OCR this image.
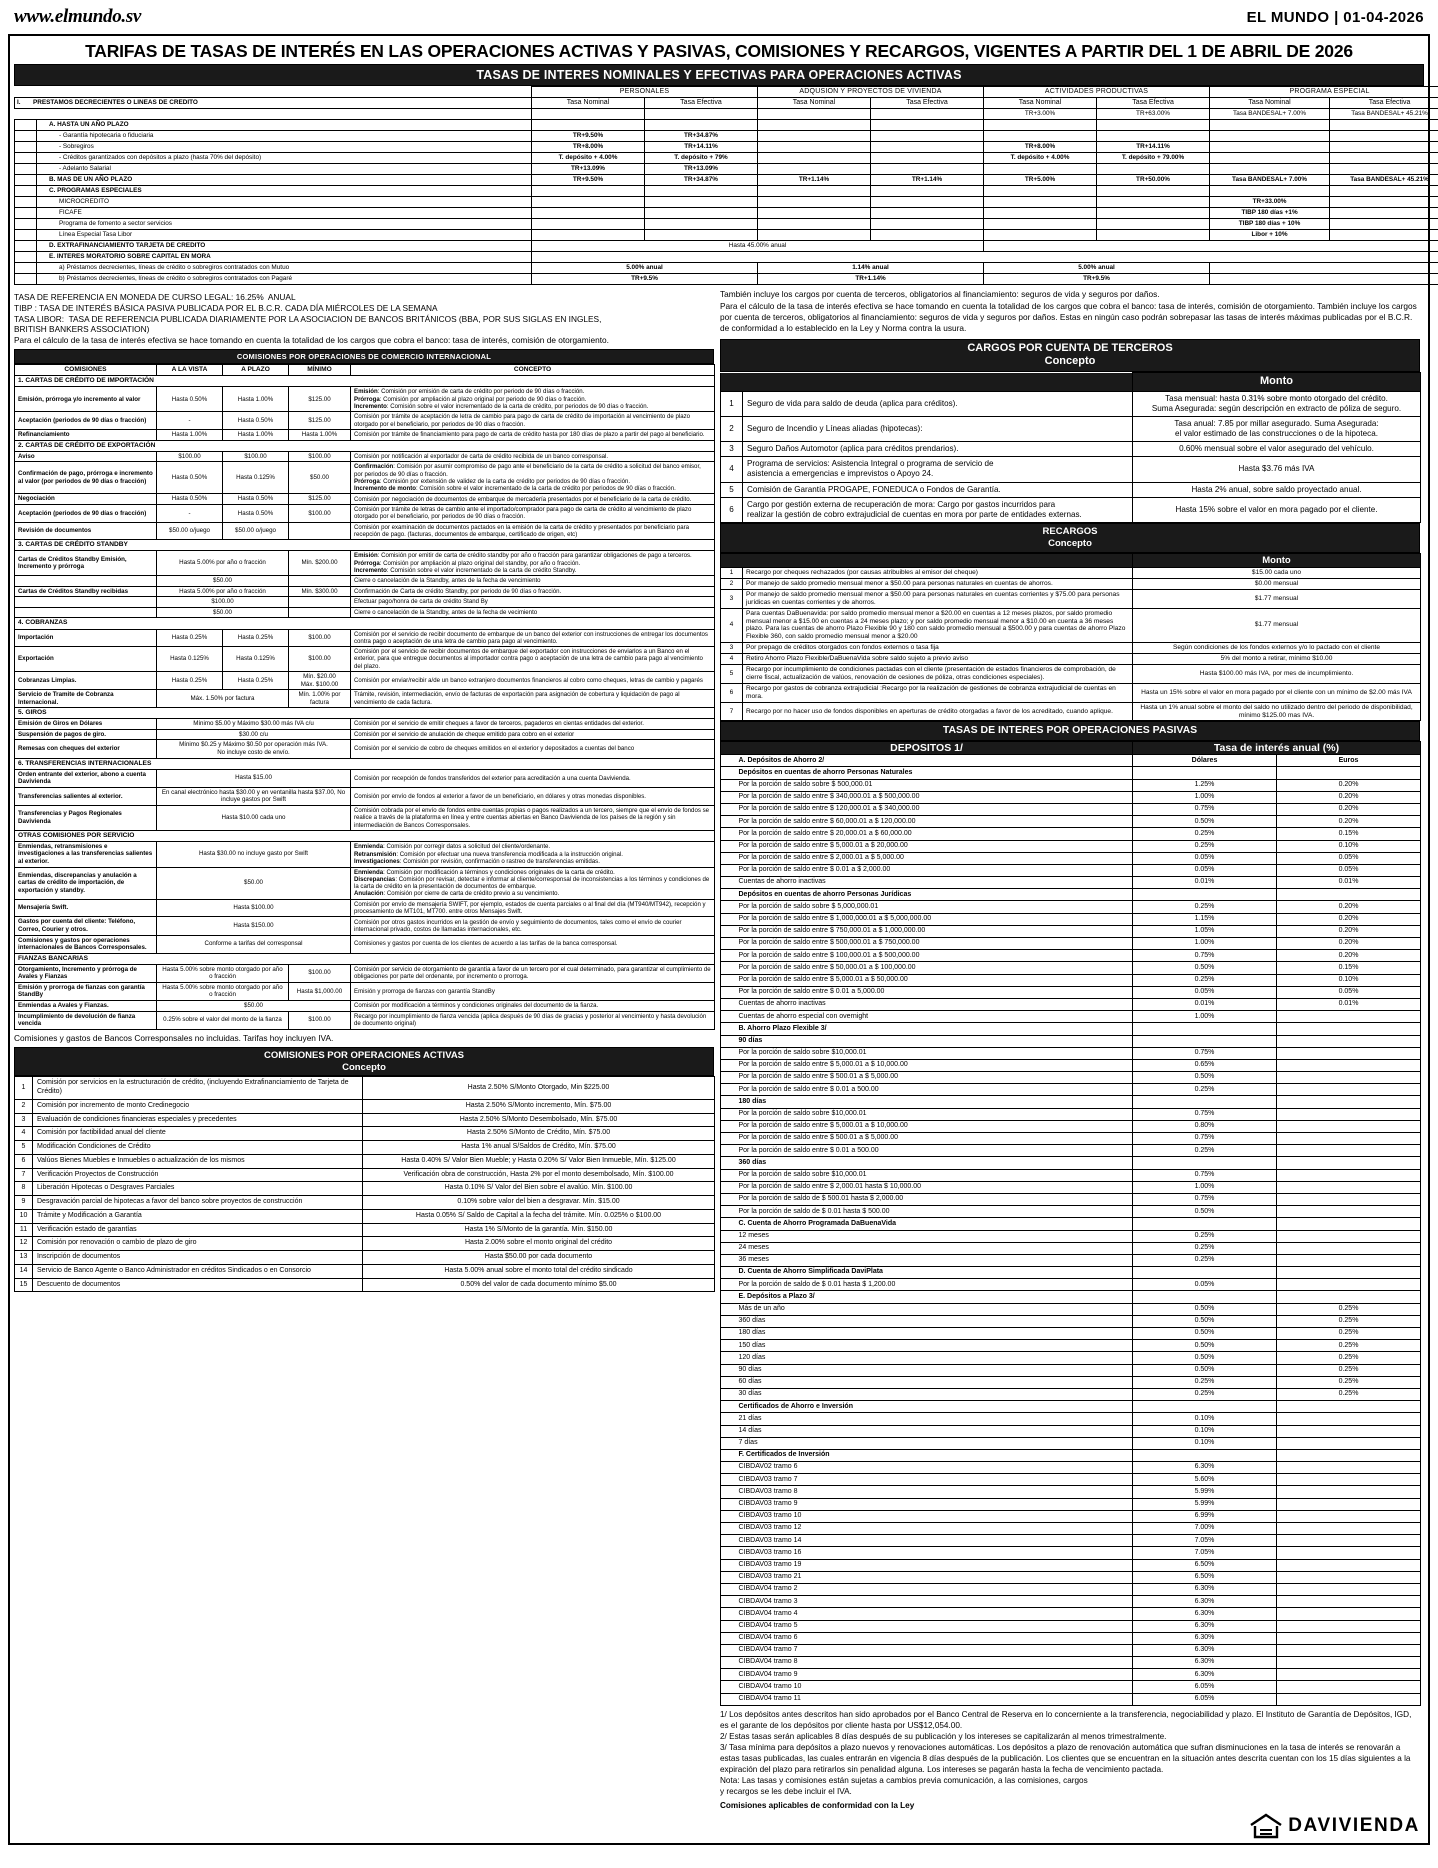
www.elmundo.sv	EL MUNDO | 01-04-2026
TARIFAS DE TASAS DE INTERÉS EN LAS OPERACIONES ACTIVAS Y PASIVAS, COMISIONES Y RECARGOS, VIGENTES A PARTIR DEL 1 DE ABRIL DE 2026
TASAS DE INTERES NOMINALES Y EFECTIVAS PARA OPERACIONES ACTIVAS
		PERSONALES		ADQUSION Y PROYECTOS DE VIVIENDA		ACTIVIDADES PRODUCTIVAS		PROGRAMA ESPECIAL	
I. PRESTAMOS DECRECIENTES O LINEAS DE CREDITO		Tasa Nominal	Tasa Efectiva	Tasa Nominal	Tasa Efectiva	Tasa Nominal	Tasa Efectiva	Tasa Nominal	Tasa Efectiva
						TR+3.00%	TR+63.00%	Tasa BANDESAL+ 7.00%	Tasa BANDESAL+ 45.21%
	A. HASTA UN AÑO PLAZO								
	- Garantía hipotecaria o fiduciaria	TR+9.50%	TR+34.87%						
	- Sobregiros	TR+8.00%	TR+14.11%			TR+8.00%	TR+14.11%		
	- Créditos garantizados con depósitos a plazo (hasta 70% del depósito)	T. depósito + 4.00%	T. depósito + 79%			T. depósito + 4.00%	T. depósito + 79.00%		
	- Adelanto Salarial	TR+13.09%	TR+13.09%						
	B. MAS DE UN AÑO PLAZO	TR+9.50%	TR+34.87%	TR+1.14%	TR+1.14%	TR+5.00%	TR+50.00%	Tasa BANDESAL+ 7.00%	Tasa BANDESAL+ 45.21%
	C. PROGRAMAS ESPECIALES								
	MICROCREDITO							TR+33.00%	
	FICAFE							TIBP 180 días +1%	
	Programa de fomento a sector servicios							TIBP 180 días + 10%	
	Línea Especial Tasa Libor							Libor + 10%	
	D. EXTRAFINANCIAMIENTO TARJETA DE CREDITO	Hasta 45.00% anual							
	E. INTERES MORATORIO SOBRE CAPITAL EN MORA								
	a) Préstamos decrecientes, líneas de crédito o sobregiros contratados con Mutuo	5.00% anual		1.14% anual		5.00% anual			
	b) Préstamos decrecientes, líneas de crédito o sobregiros contratados con Pagaré	TR+9.5%		TR+1.14%		TR+9.5%			
TASA DE REFERENCIA EN MONEDA DE CURSO LEGAL: 16.25%  ANUAL
TIBP : TASA DE INTERÉS BÁSICA PASIVA PUBLICADA POR EL B.C.R. CADA DÍA MIÉRCOLES DE LA SEMANA
TASA LIBOR:  TASA DE REFERENCIA PUBLICADA DIARIAMENTE POR LA ASOCIACION DE BANCOS BRITÁNICOS (BBA, POR SUS SIGLAS EN INGLES,
BRITISH BANKERS ASSOCIATION)
Para el cálculo de la tasa de interés efectiva se hace tomando en cuenta la totalidad de los cargos que cobra el banco: tasa de interés, comisión de otorgamiento.
COMISIONES POR OPERACIONES DE COMERCIO INTERNACIONAL
COMISIONES	A LA VISTA	A PLAZO	MÍNIMO	CONCEPTO
1. CARTAS DE CRÉDITO DE IMPORTACIÓN				
Emisión, prórroga y/o incremento al valor	Hasta 0.50%	Hasta 1.00%	$125.00	Emisión: Comisión por emisión de carta de crédito por periodo de 90 días o fracción.
Prórroga: Comisión por ampliación al plazo original por periodo de 90 días o fracción.
Incremento: Comisión sobre el valor incrementado de la carta de crédito, por periodos de 90 días o fracción.
Aceptación (periodos de 90 días o fracción)	-	Hasta 0.50%	$125.00	Comisión por trámite de aceptación de letra de cambio para pago de carta de crédito de importación al vencimiento de plazo otorgado por el beneficiario, por periodos de 90 días o fracción.
Refinanciamiento	Hasta 1.00%	Hasta 1.00%	Hasta 1.00%	Comisión por trámite de financiamiento para pago de carta de crédito hasta por 180 días de plazo a partir del pago al beneficiario.
2. CARTAS DE CRÉDITO DE EXPORTACIÓN				
Aviso	$100.00	$100.00	$100.00	Comisión por notificación al exportador de carta de crédito recibida de un banco corresponsal.
Confirmación de pago, prórroga e incremento al valor (por periodos de 90 días o fracción)	Hasta 0.50%	Hasta 0.125%	$50.00	Confirmación: Comisión por asumir compromiso de pago ante el beneficiario de la carta de crédito a solicitud del banco emisor, por periodos de 90 días o fracción.
Prórroga: Comisión por extensión de validez de la carta de crédito por periodos de 90 días o fracción.
Incremento de monto: Comisión sobre el valor incrementado de la carta de crédito por periodos de 90 días o fracción.
Negociación	Hasta 0.50%	Hasta 0.50%	$125.00	Comisión por negociación de documentos de embarque de mercadería presentados por el beneficiario de la carta de crédito.
Aceptación (periodos de 90 días o fracción)	-	Hasta 0.50%	$100.00	Comisión por trámite de letras de cambio ante el importado/comprador para pago de carta de crédito al vencimiento de plazo otorgado por el beneficiario, por periodos de 90 días o fracción.
Revisión de documentos	$50.00 o/juego	$50.00 o/juego		Comisión por examinación de documentos pactados en la emisión de la carta de crédito y presentados por beneficiario para recepción de pago. (facturas, documentos de embarque, certificado de origen, etc)
3. CARTAS DE CRÉDITO STANDBY				
Cartas de Créditos Standby Emisión, Incremento y prórroga	Hasta 5.00% por año o fracción		Mín. $200.00	Emisión: Comisión por emitir de carta de crédito standby por año o fracción para garantizar obligaciones de pago a terceros.
Prórroga: Comisión por ampliación al plazo original del standby, por año o fracción.
Incremento: Comisión sobre el valor incrementado de la carta de crédito Standby.
	$50.00			Cierre o cancelación de la Standby, antes de la fecha de vencimiento
Cartas de Créditos Standby recibidas	Hasta 5.00% por año o fracción		Mín. $300.00	Confirmación de Carta de crédito Standby, por periodo de 90 días o fracción.
	$100.00			Efectuar pago/honra de carta de crédito Stand By
	$50.00			Cierre o cancelación de la Standby, antes de la fecha de vecimiento
4. COBRANZAS				
Importación	Hasta 0.25%	Hasta 0.25%	$100.00	Comisión por el servicio de recibir documento de embarque de un banco del exterior con instrucciones de entregar los documentos contra pago o aceptación de una letra de cambio para pago al vencimiento.
Exportación	Hasta 0.125%	Hasta 0.125%	$100.00	Comisión por el servicio de recibir documentos de embarque del exportador con instrucciones de enviarlos a un Banco en el exterior, para que entregue documentos al importador contra pago o aceptación de una letra de cambio para pago al vencimiento del plazo.
Cobranzas Limpias.	Hasta 0.25%	Hasta 0.25%	Mín. $20.00
Máx. $100.00	Comisión por enviar/recibir a/de un banco extranjero documentos financieros al cobro como cheques, letras de cambio y pagarés
Servicio de Tramite de Cobranza Internacional.	Máx. 1.50% por factura		Mín. 1.00% por factura	Trámite, revisión, intermediación, envío de facturas de exportación para asignación de cobertura y liquidación de pago al vencimiento de cada factura.
5. GIROS				
Emisión de Giros en Dólares	Mínimo $5.00 y Máximo $30.00 más IVA c/u			Comisión por el servicio de emitir cheques a favor de terceros, pagaderos en cientas entidades del exterior.
Suspensión de pagos de giro.	$30.00 c/u			Comisión por el servicio de anulación de cheque emitido para cobro en el exterior
Remesas con cheques del exterior	Mínimo $0.25 y Máximo $0.50 por operación más IVA.
No incluye costo de envío.			Comisión por el servicio de cobro de cheques emitidos en el exterior y depositados a cuentas del banco
6. TRANSFERENCIAS INTERNACIONALES				
Orden entrante del exterior, abono a cuenta Davivienda	Hasta $15.00			Comisión por recepción de fondos transferidos del exterior para acreditación a una cuenta Davivienda.
Transferencias salientes al exterior.	En canal electrónico hasta $30.00 y en ventanilla hasta $37.00, No incluye gastos por Swift			Comisión por envío de fondos al exterior a favor de un beneficiario, en dólares y otras monedas disponibles.
Transferencias y Pagos Regionales Davivienda	Hasta $10.00 cada uno			Comisión cobrada por el envío de fondos entre cuentas propias o pagos realizados a un tercero, siempre que el envío de fondos se realice a través de la plataforma en línea y entre cuentas abiertas en Banco Davivienda de los países de la región y sin intermediación de Bancos Corresponsales.
OTRAS COMISIONES POR SERVICIO				
Enmiendas, retransmisiones e investigaciones a las transferencias salientes al exterior.	Hasta $30.00 no incluye gasto por Swift			Enmienda: Comisión por corregir datos a solicitud del cliente/ordenante.
Retransmisión: Comisión por efectuar una nueva transferencia modificada a la instrucción original.
Investigaciones: Comisión por revisión, confirmación o rastreo de transferencias emitidas.
Enmiendas, discrepancias y anulación a cartas de crédito de importación, de exportación y standby.	$50.00			Enmienda: Comisión por modificación a términos y condiciones originales de la carta de crédito.
Discrepancias: Comisión por revisar, detectar e informar al cliente/corresponsal de inconsistencias a los términos y condiciones de la carta de crédito en la presentación de documentos de embarque.
Anulación: Comisión por cierre de carta de crédito previo a su vencimiento.
Mensajería Swift.	Hasta $100.00			Comisión por envío de mensajería SWIFT, por ejemplo, estados de cuenta parciales o al final del día (MT940/MT942), recepción y procesamiento de MT101, MT700. entre otros Mensajes Swift.
Gastos por cuenta del cliente: Teléfono, Correo, Courier y otros.	Hasta $150.00			Comisión por otros gastos incurridos en la gestión de envío y seguimiento de documentos, tales como el envío de courier internacional privado, costos de llamadas internacionales, etc.
Comisiones y gastos por operaciones internacionales de Bancos Corresponsales.	Conforme a tarifas del corresponsal			Comisiones y gastos por cuenta de los clientes de acuerdo a las tarifas de la banca corresponsal.
FIANZAS BANCARIAS				
Otorgamiento, Incremento y prórroga de Avales y Fianzas	Hasta 5.00% sobre monto otorgado por año o fracción		$100.00	Comisión por servicio de otorgamiento de garantía a favor de un tercero por el cual determinado, para garantizar el cumplimiento de obligaciones por parte del ordenante, por incremento o prorroga.
Emisión y prorroga de fianzas con garantía StandBy	Hasta 5.00% sobre monto otorgado por año o fracción		Hasta $1,000.00	Emisión y prorroga de fianzas con garantía StandBy
Enmiendas a Avales y Fianzas.	$50.00			Comisión por modificación a términos y condiciones originales del documento de la fianza.
Incumplimiento de devolución de fianza vencida	0.25% sobre el valor del monto de la fianza		$100.00	Recargo por incumplimiento de fianza vencida (aplica después de 90 días de gracias y posterior al vencimiento y hasta devolución de documento original)
Comisiones y gastos de Bancos Corresponsales no incluidas. Tarifas hoy incluyen IVA.
COMISIONES POR OPERACIONES ACTIVAS
Concepto
1	Comisión por servicios en la estructuración de crédito, (incluyendo Extrafinanciamiento de Tarjeta de Crédito)	Hasta 2.50% S/Monto Otorgado, Min $225.00
2	Comisión por incremento de monto Credinegocio	Hasta 2.50% S/Monto incremento, Mín. $75.00
3	Evaluación de condiciones financieras especiales y precedentes	Hasta 2.50% S/Monto Desembolsado, Mín. $75.00
4	Comisión por factibilidad anual del cliente	Hasta 2.50% S/Monto de Crédito, Mín. $75.00
5	Modificación Condiciones de Crédito	Hasta 1% anual S/Saldos de Crédito, Mín. $75.00
6	Valúos Bienes Muebles e Inmuebles o actualización de los mismos	Hasta 0.40% S/ Valor Bien Mueble; y Hasta 0.20% S/ Valor Bien Inmueble, Mín. $125.00
7	Verificación Proyectos de Construcción	Verificación obra de construcción, Hasta 2% por el monto desembolsado, Mín. $100.00
8	Liberación Hipotecas o Desgraves Parciales	Hasta 0.10% S/ Valor del Bien sobre el avalúo. Mín. $100.00
9	Desgravación parcial de hipotecas a favor del banco sobre proyectos de construcción	0.10% sobre valor del bien a desgravar. Mín. $15.00
10	Trámite y Modificación a Garantía	Hasta 0.05% S/ Saldo de Capital a la fecha del trámite. Mín. 0.025% o $100.00
11	Verificación estado de garantías	Hasta 1% S/Monto de la garantía. Mín. $150.00
12	Comisión por renovación o cambio de plazo de giro	Hasta 2.00% sobre el monto original del crédito
13	Inscripción de documentos	Hasta $50.00 por cada documento
14	Servicio de Banco Agente o Banco Administrador en créditos Sindicados o en Consorcio	Hasta 5.00% anual sobre el monto total del crédito sindicado
15	Descuento de documentos	0.50% del valor de cada documento mínimo $5.00

También incluye los cargos por cuenta de terceros, obligatorios al financiamiento: seguros de vida y seguros por daños.

Para el cálculo de la tasa de interés efectiva se hace tomando en cuenta la totalidad de los cargos que cobra el banco: tasa de interés, comisión de otorgamiento. También incluye los cargos por cuenta de terceros, obligatorios al financiamiento: seguros de vida y seguros por daños. Estas en ningún caso podrán sobrepasar las tasas de interés máximas publicadas por el B.C.R. de conformidad a lo establecido en la Ley y Norma contra la usura.

CARGOS POR CUENTA DE TERCEROS
Concepto
		Monto
1	Seguro de vida para saldo de deuda (aplica para créditos).	Tasa mensual: hasta 0.31% sobre monto otorgado del crédito.
Suma Asegurada: según descripción en extracto de póliza de seguro.
2	Seguro de Incendio y Líneas aliadas (hipotecas):	Tasa anual: 7.85 por millar asegurado. Suma Asegurada:
el valor estimado de las construcciones o de la hipoteca.
3	Seguro Daños Automotor (aplica para créditos prendarios).	0.60% mensual sobre el valor asegurado del vehículo.
4	Programa de servicios: Asistencia Integral o programa de servicio de
asistencia a emergencias e imprevistos o Apoyo 24.	Hasta $3.76 más IVA
5	Comisión de Garantía PROGAPE, FONEDUCA o Fondos de Garantía.	Hasta 2% anual, sobre saldo proyectado anual.
6	Cargo por gestión externa de recuperación de mora: Cargo por gastos incurridos para
realizar la gestión de cobro extrajudicial de cuentas en mora por parte de entidades externas.	Hasta 15% sobre el valor en mora pagado por el cliente.
RECARGOS
Concepto
		Monto
1	Recargo por cheques rechazados (por causas atribuibles al emisor del cheque)	$15.00 cada uno
2	Por manejo de saldo promedio mensual menor a $50.00 para personas naturales en cuentas de ahorros.	$0.00 mensual
3	Por manejo de saldo promedio mensual menor a $50.00 para personas naturales en cuentas corrientes y $75.00 para personas jurídicas en cuentas corrientes y de ahorros.	$1.77 mensual
4	Para cuentas DaBuenavida: por saldo promedio mensual menor a $20.00 en cuentas a 12 meses plazos, por saldo promedio mensual menor a $15.00 en cuentas a 24 meses plazo; y por saldo promedio mensual menor a $10.00 en cuenta a 36 meses plazo. Para las cuentas de ahorro Plazo Flexible 90 y 180 con saldo promedio mensual a $500.00 y para cuentas de ahorro Plazo Flexible 360, con saldo promedio mensual menor a $20.00	$1.77 mensual
3	Por prepago de créditos otorgados con fondos externos o tasa fija	Según condiciones de los fondos externos y/o lo pactado con el cliente
4	Retiro Ahorro Plazo Flexible/DaBuenaVida sobre saldo sujeto a previo aviso	5% del monto a retirar, mínimo $10.00
5	Recargo por incumplimiento de condiciones pactadas con el cliente (presentación de estados financieros de comprobación, de cierre fiscal, actualización de valúos, renovación de cesiones de póliza, otras condiciones especiales).	Hasta $100.00 más IVA, por mes de incumplimiento.
6	Recargo por gastos de cobranza extrajudicial :Recargo por la realización de gestiones de cobranza extrajudicial de cuentas en mora.	Hasta un 15% sobre el valor en mora pagado por el cliente con un mínimo de $2.00 más IVA
7	Recargo por no hacer uso de fondos disponibles en aperturas de crédito otorgadas a favor de los acreditado, cuando aplique.	Hasta un 1% anual sobre el monto del saldo no utilizado dentro del periodo de disponibilidad, mínimo $125.00 mas IVA.
TASAS DE INTERES POR OPERACIONES PASIVAS
DEPOSITOS 1/		Tasa de interés anual (%)	
	A. Depósitos de Ahorro 2/	Dólares	Euros
	Depósitos en cuentas de ahorro Personas Naturales		
	Por la porción de saldo sobre $ 500,000.01	1.25%	0.20%
	Por la porción de saldo entre $ 340,000.01 a $ 500,000.00	1.00%	0.20%
	Por la porción de saldo entre $ 120,000.01 a $ 340,000.00	0.75%	0.20%
	Por la porción de saldo entre $ 60,000.01 a $ 120,000.00	0.50%	0.20%
	Por la porción de saldo entre $ 20,000.01 a $ 60,000.00	0.25%	0.15%
	Por la porción de saldo entre $ 5,000.01 a $ 20,000.00	0.25%	0.10%
	Por la porción de saldo entre $ 2,000.01 a $ 5,000.00	0.05%	0.05%
	Por la porción de saldo entre $ 0.01 a $ 2,000.00	0.05%	0.05%
	Cuentas de ahorro inactivas	0.01%	0.01%
	Depósitos en cuentas de ahorro Personas Jurídicas		
	Por la porción de saldo sobre $ 5,000,000.01	0.25%	0.20%
	Por la porción de saldo entre $ 1,000,000.01 a $ 5,000,000.00	1.15%	0.20%
	Por la porción de saldo entre $ 750,000.01 a $ 1,000,000.00	1.05%	0.20%
	Por la porción de saldo entre $ 500,000.01 a $ 750,000.00	1.00%	0.20%
	Por la porción de saldo entre $ 100,000.01 a $ 500,000.00	0.75%	0.20%
	Por la porción de saldo entre $ 50,000.01 a $ 100,000.00	0.50%	0.15%
	Por la porción de saldo entre $ 5,000.01 a $ 50,000.00	0.25%	0.10%
	Por la porción de saldo entre $ 0.01 a 5,000.00	0.05%	0.05%
	Cuentas de ahorro inactivas	0.01%	0.01%
	Cuentas de ahorro especial con overnight	1.00%	
	B. Ahorro Plazo Flexible 3/		
	90 días		
	Por la porción de saldo sobre $10,000.01	0.75%	
	Por la porción de saldo entre $ 5,000.01 a $ 10,000.00	0.65%	
	Por la porción de saldo entre $ 500.01 a $ 5,000.00	0.50%	
	Por la porción de saldo entre $ 0.01 a 500.00	0.25%	
	180 días		
	Por la porción de saldo sobre $10,000.01	0.75%	
	Por la porción de saldo entre $ 5,000.01 a $ 10,000.00	0.80%	
	Por la porción de saldo entre $ 500.01 a $ 5,000.00	0.75%	
	Por la porción de saldo entre $ 0.01 a 500.00	0.25%	
	360 días		
	Por la porción de saldo sobre $10,000.01	0.75%	
	Por la porción de saldo entre $ 2,000.01 hasta $ 10,000.00	1.00%	
	Por la porción de saldo de $ 500.01 hasta $ 2,000.00	0.75%	
	Por la porción de saldo de $ 0.01 hasta $ 500.00	0.50%	
	C. Cuenta de Ahorro Programada DaBuenaVida		
	12 meses	0.25%	
	24 meses	0.25%	
	36 meses	0.25%	
	D. Cuenta de Ahorro Simplificada DaviPlata		
	Por la porción de saldo de $ 0.01 hasta $ 1,200.00	0.05%	
	E. Depósitos a Plazo 3/		
	Más de un año	0.50%	0.25%
	360 días	0.50%	0.25%
	180 días	0.50%	0.25%
	150 días	0.50%	0.25%
	120 días	0.50%	0.25%
	90 días	0.50%	0.25%
	60 días	0.25%	0.25%
	30 días	0.25%	0.25%
	Certificados de Ahorro e Inversión		
	21 días	0.10%	
	14 días	0.10%	
	7 días	0.10%	
	F. Certificados de Inversión		
	CIBDAV02 tramo 6	6.30%	
	CIBDAV03 tramo 7	5.60%	
	CIBDAV03 tramo 8	5.99%	
	CIBDAV03 tramo 9	5.99%	
	CIBDAV03 tramo 10	6.99%	
	CIBDAV03 tramo 12	7.00%	
	CIBDAV03 tramo 14	7.05%	
	CIBDAV03 tramo 16	7.05%	
	CIBDAV03 tramo 19	6.50%	
	CIBDAV03 tramo 21	6.50%	
	CIBDAV04 tramo 2	6.30%	
	CIBDAV04 tramo 3	6.30%	
	CIBDAV04 tramo 4	6.30%	
	CIBDAV04 tramo 5	6.30%	
	CIBDAV04 tramo 6	6.30%	
	CIBDAV04 tramo 7	6.30%	
	CIBDAV04 tramo 8	6.30%	
	CIBDAV04 tramo 9	6.30%	
	CIBDAV04 tramo 10	6.05%	
	CIBDAV04 tramo 11	6.05%	

1/ Los depósitos antes descritos han sido aprobados por el Banco Central de Reserva en lo concerniente a la transferencia, negociabilidad y plazo. El Instituto de Garantía de Depósitos, IGD, es el garante de los depósitos por cliente hasta por US$12,054.00.

2/ Estas tasas serán aplicables 8 días después de su publicación y los intereses se capitalizarán al menos trimestralmente.

3/ Tasa mínima para depósitos a plazo nuevos y renovaciones automáticas. Los depósitos a plazo de renovación automática que sufran disminuciones en la tasa de interés se renovarán a estas tasas publicadas, las cuales entrarán en vigencia 8 días después de la publicación. Los clientes que se encuentran en la situación antes descrita cuentan con los 15 días siguientes a la expiración del plazo para retirarlos sin penalidad alguna. Los intereses se pagarán hasta la fecha de vencimiento pactada.

Nota: Las tasas y comisiones están sujetas a cambios previa comunicación, a las comisiones, cargos

y recargos se les debe incluir el IVA.

Comisiones aplicables de conformidad con la Ley
DAVIVIENDA
